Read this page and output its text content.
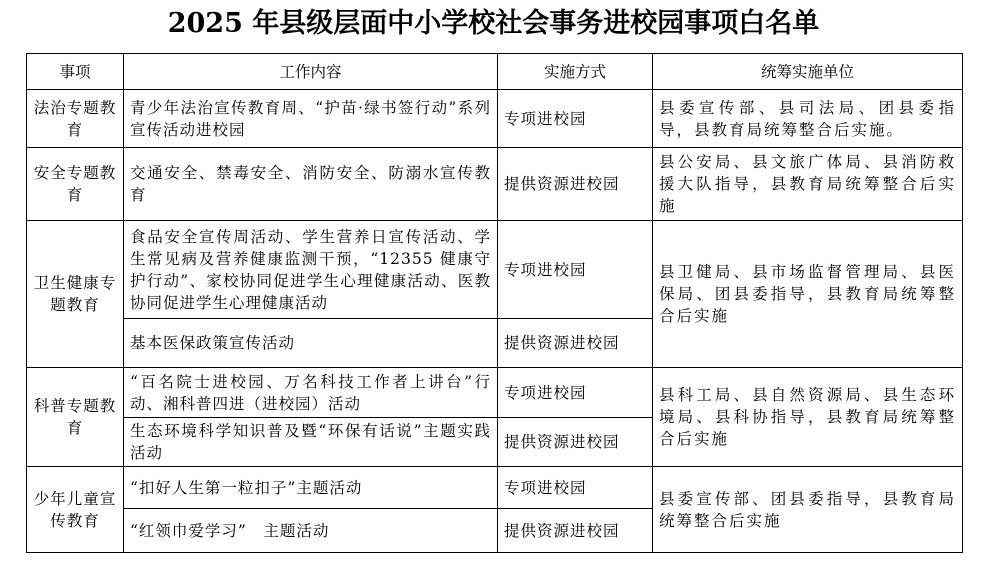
2025 年县级层面中小学校社会事务进校园事项白名单
事项	工作内容	实施方式	统筹实施单位
法治专题教育	青少年法治宣传教育周、“护苗·绿书签行动”系列宣传活动进校园	专项进校园	县委宣传部、县司法局、团县委指导，县教育局统筹整合后实施。
安全专题教育	交通安全、禁毒安全、消防安全、防溺水宣传教育	提供资源进校园	县公安局、县文旅广体局、县消防救援大队指导，县教育局统筹整合后实施
卫生健康专题教育	食品安全宣传周活动、学生营养日宣传活动、学生常见病及营养健康监测干预，“12355 健康守护行动”、家校协同促进学生心理健康活动、医教协同促进学生心理健康活动	专项进校园	县卫健局、县市场监督管理局、县医保局、团县委指导，县教育局统筹整合后实施
	基本医保政策宣传活动	提供资源进校园	
科普专题教育	“百名院士进校园、万名科技工作者上讲台”行动、湘科普四进（进校园）活动	专项进校园	县科工局、县自然资源局、县生态环境局、县科协指导，县教育局统筹整合后实施
	生态环境科学知识普及暨“环保有话说”主题实践活动	提供资源进校园	
少年儿童宣传教育	“扣好人生第一粒扣子”主题活动	专项进校园	县委宣传部、团县委指导，县教育局统筹整合后实施
	“红领巾爱学习”　主题活动	提供资源进校园	
